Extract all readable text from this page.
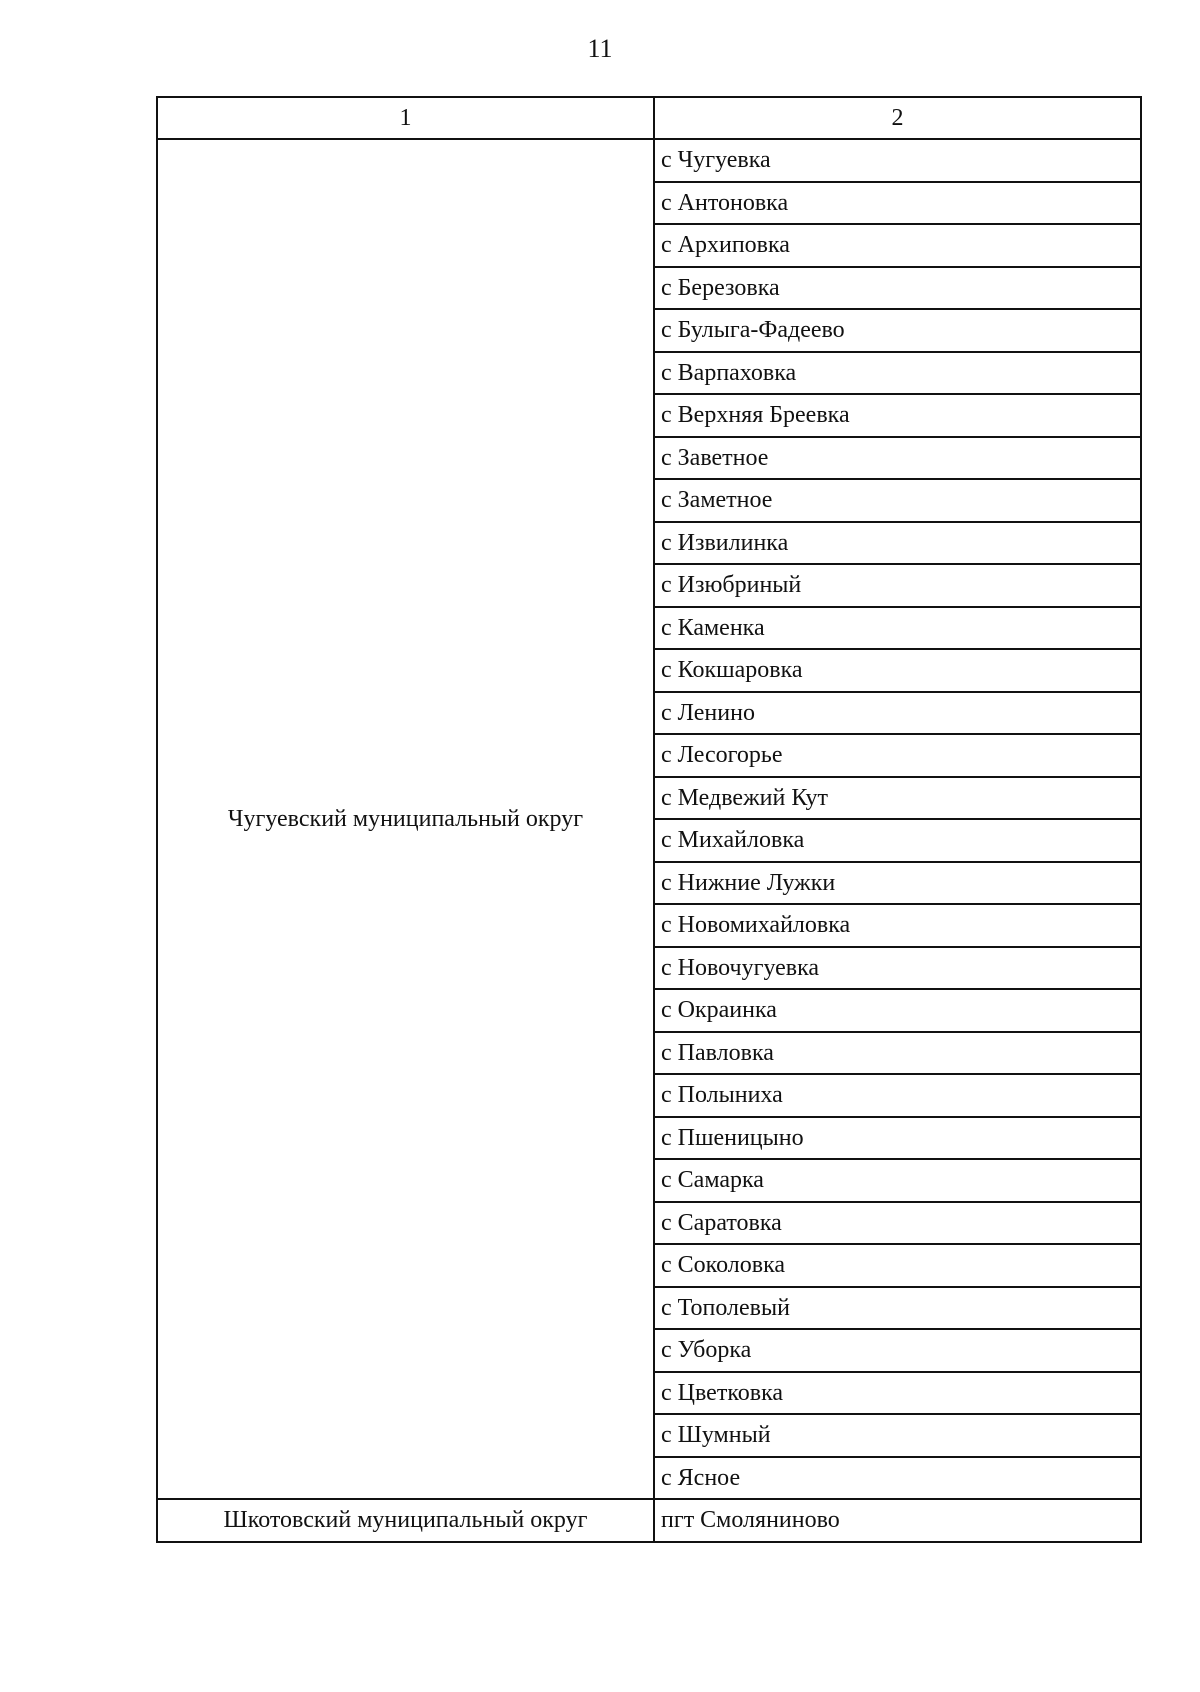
11
1	2
Чугуевский муниципальный округ	с Чугуевка
	с Антоновка
	с Архиповка
	с Березовка
	с Булыга-Фадеево
	с Варпаховка
	с Верхняя Бреевка
	с Заветное
	с Заметное
	с Извилинка
	с Изюбриный
	с Каменка
	с Кокшаровка
	с Ленино
	с Лесогорье
	с Медвежий Кут
	с Михайловка
	с Нижние Лужки
	с Новомихайловка
	с Новочугуевка
	с Окраинка
	с Павловка
	с Полыниха
	с Пшеницыно
	с Самарка
	с Саратовка
	с Соколовка
	с Тополевый
	с Уборка
	с Цветковка
	с Шумный
	с Ясное
Шкотовский муниципальный округ	пгт Смоляниново
